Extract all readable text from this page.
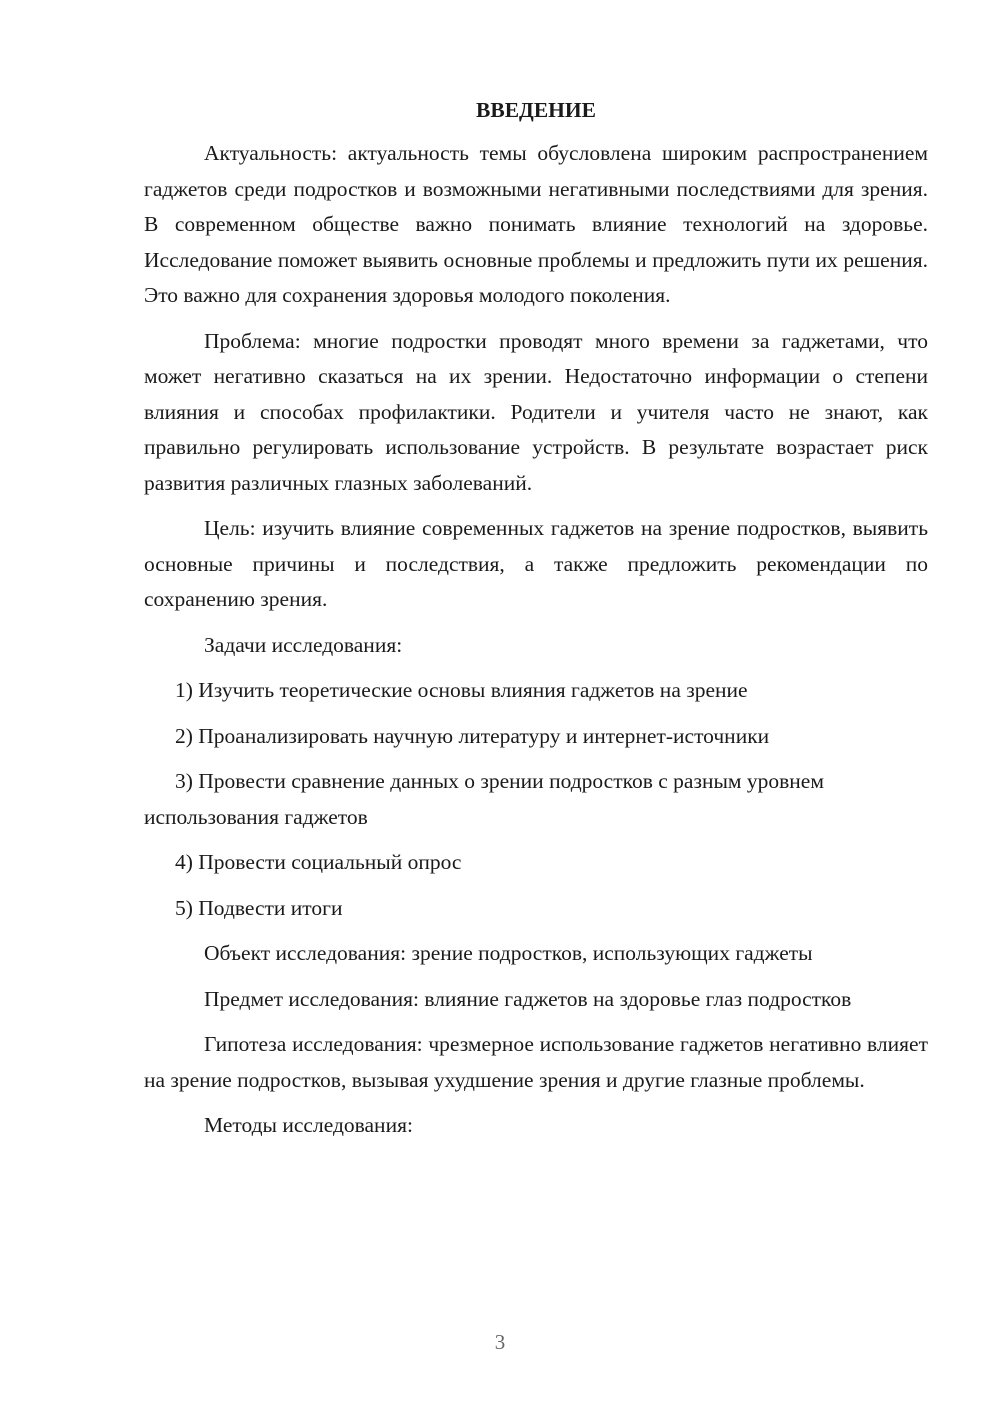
ВВЕДЕНИЕ

Актуальность: актуальность темы обусловлена широким распространением гаджетов среди подростков и возможными негативными последствиями для зрения. В современном обществе важно понимать влияние технологий на здоровье. Исследование поможет выявить основные проблемы и предложить пути их решения. Это важно для сохранения здоровья молодого поколения.

Проблема: многие подростки проводят много времени за гаджетами, что может негативно сказаться на их зрении. Недостаточно информации о степени влияния и способах профилактики. Родители и учителя часто не знают, как правильно регулировать использование устройств. В результате возрастает риск развития различных глазных заболеваний.

Цель: изучить влияние современных гаджетов на зрение подростков, выявить основные причины и последствия, а также предложить рекомендации по сохранению зрения.

Задачи исследования:

1) Изучить теоретические основы влияния гаджетов на зрение

2) Проанализировать научную литературу и интернет-источники

3) Провести сравнение данных о зрении подростков с разным уровнем использования гаджетов

4) Провести социальный опрос

5) Подвести итоги

Объект исследования: зрение подростков, использующих гаджеты

Предмет исследования: влияние гаджетов на здоровье глаз подростков

Гипотеза исследования: чрезмерное использование гаджетов негативно влияет на зрение подростков, вызывая ухудшение зрения и другие глазные проблемы.

Методы исследования:

3
